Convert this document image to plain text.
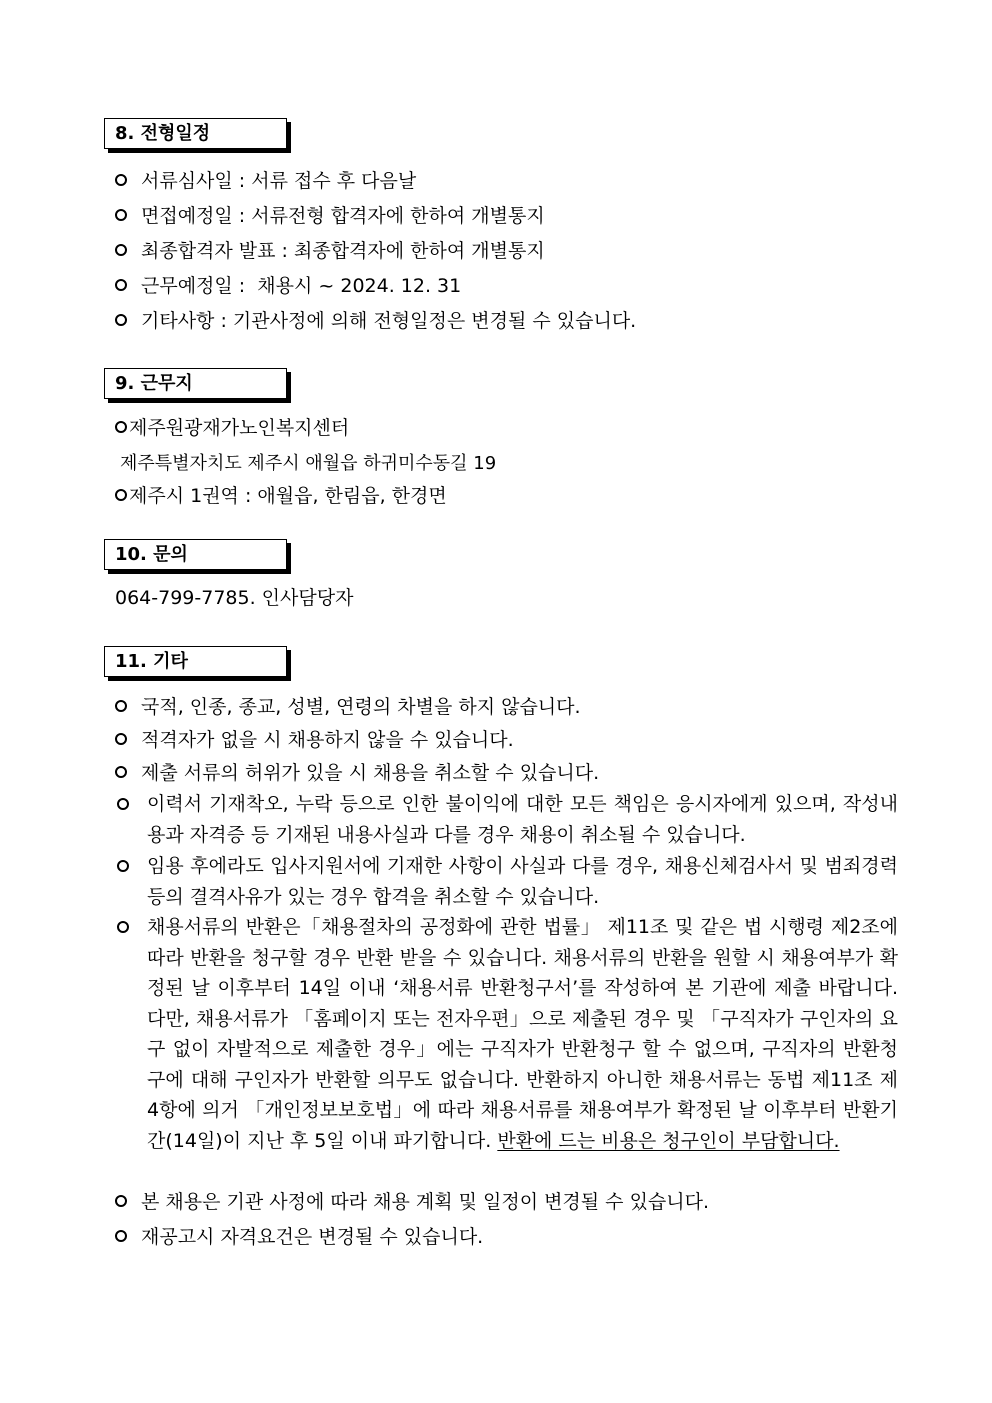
8. 전형일정
서류심사일 : 서류 접수 후 다음날
면접예정일 : 서류전형 합격자에 한하여 개별통지
최종합격자 발표 : 최종합격자에 한하여 개별통지
근무예정일 :  채용시 ~ 2024. 12. 31
기타사항 : 기관사정에 의해 전형일정은 변경될 수 있습니다.
9. 근무지
제주원광재가노인복지센터
제주특별자치도 제주시 애월읍 하귀미수동길 19
제주시 1권역 : 애월읍, 한림읍, 한경면
10. 문의
064-799-7785. 인사담당자
11. 기타
국적, 인종, 종교, 성별, 연령의 차별을 하지 않습니다.
적격자가 없을 시 채용하지 않을 수 있습니다.
제출 서류의 허위가 있을 시 채용을 취소할 수 있습니다.
이력서 기재착오, 누락 등으로 인한 불이익에 대한 모든 책임은 응시자에게 있으며, 작성내용과 자격증 등 기재된 내용사실과 다를 경우 채용이 취소될 수 있습니다.
임용 후에라도 입사지원서에 기재한 사항이 사실과 다를 경우, 채용신체검사서 및 범죄경력 등의 결격사유가 있는 경우 합격을 취소할 수 있습니다.
채용서류의 반환은「채용절차의 공정화에 관한 법률」 제11조 및 같은 법 시행령 제2조에 따라 반환을 청구할 경우 반환 받을 수 있습니다. 채용서류의 반환을 원할 시 채용여부가 확정된 날 이후부터 14일 이내 ‘채용서류 반환청구서’를 작성하여 본 기관에 제출 바랍니다. 다만, 채용서류가 「홈페이지 또는 전자우편」으로 제출된 경우 및 「구직자가 구인자의 요구 없이 자발적으로 제출한 경우」에는 구직자가 반환청구 할 수 없으며, 구직자의 반환청구에 대해 구인자가 반환할 의무도 없습니다. 반환하지 아니한 채용서류는 동법 제11조 제4항에 의거 「개인정보보호법」에 따라 채용서류를 채용여부가 확정된 날 이후부터 반환기간(14일)이 지난 후 5일 이내 파기합니다. 반환에 드는 비용은 청구인이 부담합니다.
본 채용은 기관 사정에 따라 채용 계획 및 일정이 변경될 수 있습니다.
재공고시 자격요건은 변경될 수 있습니다.
